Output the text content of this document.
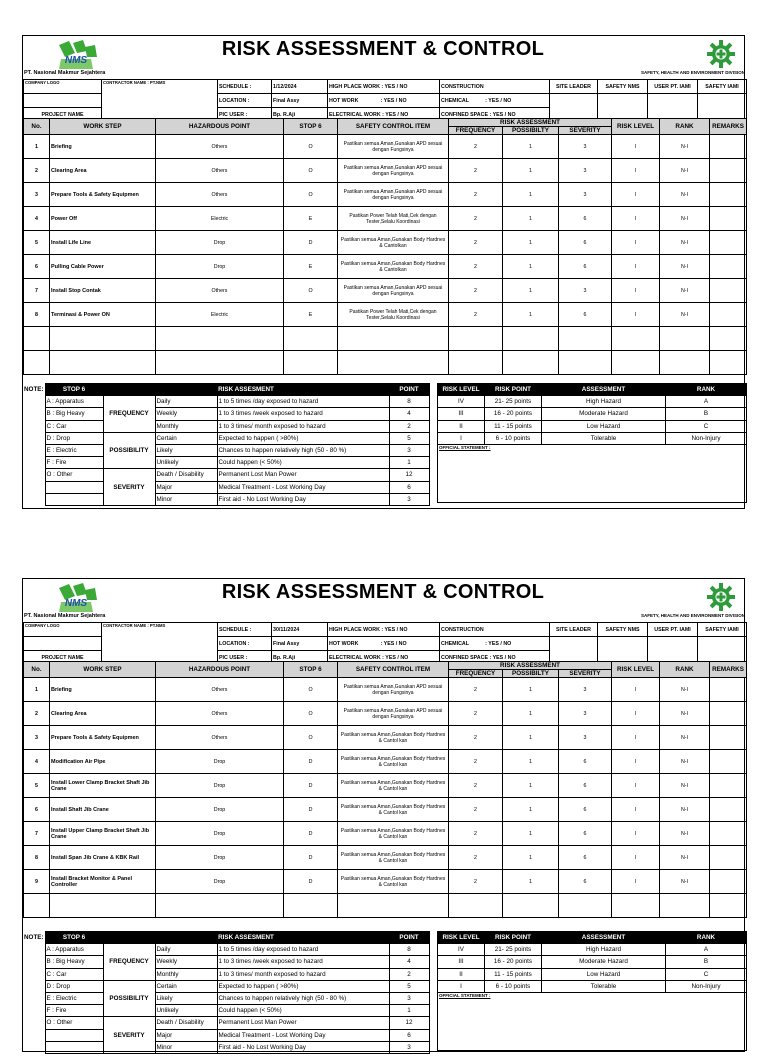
NMS
RISK ASSESSMENT & CONTROL
PT. Nasional Makmur Sejahtera	SAFETY, HEALTH AND ENVIRONMENT DIVISION
COMPANY LOGO	CONTRACTOR NAME : PT.NMS	SCHEDULE :	1/12/2024	HIGH PLACE WORK : YES / NO	CONSTRUCTION	SITE LEADER	SAFETY NMS	USER PT. IAMI	SAFETY IAMI
		LOCATION :	Final Assy	HOT WORK : YES / NO	CHEMICAL : YES / NO				
PROJECT NAME		PIC USER :	Bp. R.Aji	ELECTRICAL WORK : YES / NO	CONFINED SPACE : YES / NO				
No.	WORK STEP	HAZARDOUS POINT	STOP 6	SAFETY CONTROL ITEM	RISK ASSESSMENT			RISK LEVEL	RANK	REMARKS
					FREQUENCY	POSSIBILTY	SEVERITY			
1	Briefing	Others	O	Pastikan semua Aman,Gunakan APD sesuai dengan Fungsinya	2	1	3	I	N-I	
2	Clearing Area	Others	O	Pastikan semua Aman,Gunakan APD sesuai dengan Fungsinya	2	1	3	I	N-I	
3	Prepare Tools & Safety Equipmen	Others	O	Pastikan semua Aman,Gunakan APD sesuai dengan Fungsinya	2	1	3	I	N-I	
4	Power Off	Electric	E	Pastikan Power Telah Mati,Cek dengan Tester,Selalu Koordinasi	2	1	6	I	N-I	
5	Install Life Line	Drop	D	Pastikan semua Aman,Gunakan Body Hardnes & Cantolkan	2	1	6	I	N-I	
6	Pulling Cable Power	Drop	E	Pastikan semua Aman,Gunakan Body Hardnes & Cantolkan	2	1	6	I	N-I	
7	Install Stop Contak	Others	O	Pastikan semua Aman,Gunakan APD sesuai dengan Fungsinya	2	1	3	I	N-I	
8	Terminasi & Power ON	Electric	E	Pastikan Power Telah Mati,Cek dengan Tester,Selalu Koordinasi	2	1	6	I	N-I	

NOTE:	STOP 6	RISK ASSESMENT			POINT
	A : Apparatus	FREQUENCY	Daily	1 to 5 times /day exposed to hazard	8
	B : Big Heavy		Weekly	1 to 3 times /week exposed to hazard	4
	C : Car		Monthly	1 to 3 times/ month exposed to hazard	2
	D : Drop	POSSIBILITY	Certain	Expected to happen ( >80%)	5
	E : Electric		Likely	Chances to happen relatively high (50 - 80 %)	3
	F : Fire		Unlikely	Could happen (< 50%)	1
	O : Other	SEVERITY	Death / Disability	Permanent Lost Man Power	12
			Major	Medical Treatment - Lost Working Day	6
			Minor	First aid - No Lost Working Day	3
RISK LEVEL	RISK POINT	ASSESSMENT	RANK
IV	21- 25 points	High Hazard	A
III	16 - 20 points	Moderate Hazard	B
II	11 - 15 points	Low Hazard	C
I	6 - 10 points	Tolerable	Non-Injury
OFFICIAL STATEMENT :			
NMS
RISK ASSESSMENT & CONTROL
PT. Nasional Makmur Sejahtera	SAFETY, HEALTH AND ENVIRONMENT DIVISION
COMPANY LOGO	CONTRACTOR NAME : PT.NMS	SCHEDULE :	30/11/2024	HIGH PLACE WORK : YES / NO	CONSTRUCTION	SITE LEADER	SAFETY NMS	USER PT. IAMI	SAFETY IAMI
		LOCATION :	Final Assy	HOT WORK : YES / NO	CHEMICAL : YES / NO				
PROJECT NAME		PIC USER :	Bp. R.Aji	ELECTRICAL WORK : YES / NO	CONFINED SPACE : YES / NO				
No.	WORK STEP	HAZARDOUS POINT	STOP 6	SAFETY CONTROL ITEM	RISK ASSESSMENT			RISK LEVEL	RANK	REMARKS
					FREQUENCY	POSSIBILTY	SEVERITY			
1	Briefing	Others	O	Pastikan semua Aman,Gunakan APD sesuai dengan Fungsinya	2	1	3	I	N-I	
2	Clearing Area	Others	O	Pastikan semua Aman,Gunakan APD sesuai dengan Fungsinya	2	1	3	I	N-I	
3	Prepare Tools & Safety Equipmen	Others	O	Pastikan semua Aman,Gunakan Body Hardnes & Cantol kan	2	1	3	I	N-I	
4	Modification Air Pipe	Drop	D	Pastikan semua Aman,Gunakan Body Hardnes & Cantol kan	2	1	6	I	N-I	
5	Install Lower Clamp Bracket Shaft Jib Crane	Drop	D	Pastikan semua Aman,Gunakan Body Hardnes & Cantol kan	2	1	6	I	N-I	
6	Install Shaft Jib Crane	Drop	D	Pastikan semua Aman,Gunakan Body Hardnes & Cantol kan	2	1	6	I	N-I	
7	Install Upper Clamp Bracket Shaft Jib Crane	Drop	D	Pastikan semua Aman,Gunakan Body Hardnes & Cantol kan	2	1	6	I	N-I	
8	Install Span Jib Crane & KBK Rail	Drop	D	Pastikan semua Aman,Gunakan Body Hardnes & Cantol kan	2	1	6	I	N-I	
9	Install Bracket Monitor & Panel Controller	Drop	D	Pastikan semua Aman,Gunakan Body Hardnes & Cantol kan	2	1	6	I	N-I	

NOTE:	STOP 6	RISK ASSESMENT			POINT
	A : Apparatus	FREQUENCY	Daily	1 to 5 times /day exposed to hazard	8
	B : Big Heavy		Weekly	1 to 3 times /week exposed to hazard	4
	C : Car		Monthly	1 to 3 times/ month exposed to hazard	2
	D : Drop	POSSIBILITY	Certain	Expected to happen ( >80%)	5
	E : Electric		Likely	Chances to happen relatively high (50 - 80 %)	3
	F : Fire		Unlikely	Could happen (< 50%)	1
	O : Other	SEVERITY	Death / Disability	Permanent Lost Man Power	12
			Major	Medical Treatment - Lost Working Day	6
			Minor	First aid - No Lost Working Day	3
RISK LEVEL	RISK POINT	ASSESSMENT	RANK
IV	21- 25 points	High Hazard	A
III	16 - 20 points	Moderate Hazard	B
II	11 - 15 points	Low Hazard	C
I	6 - 10 points	Tolerable	Non-Injury
OFFICIAL STATEMENT :			
